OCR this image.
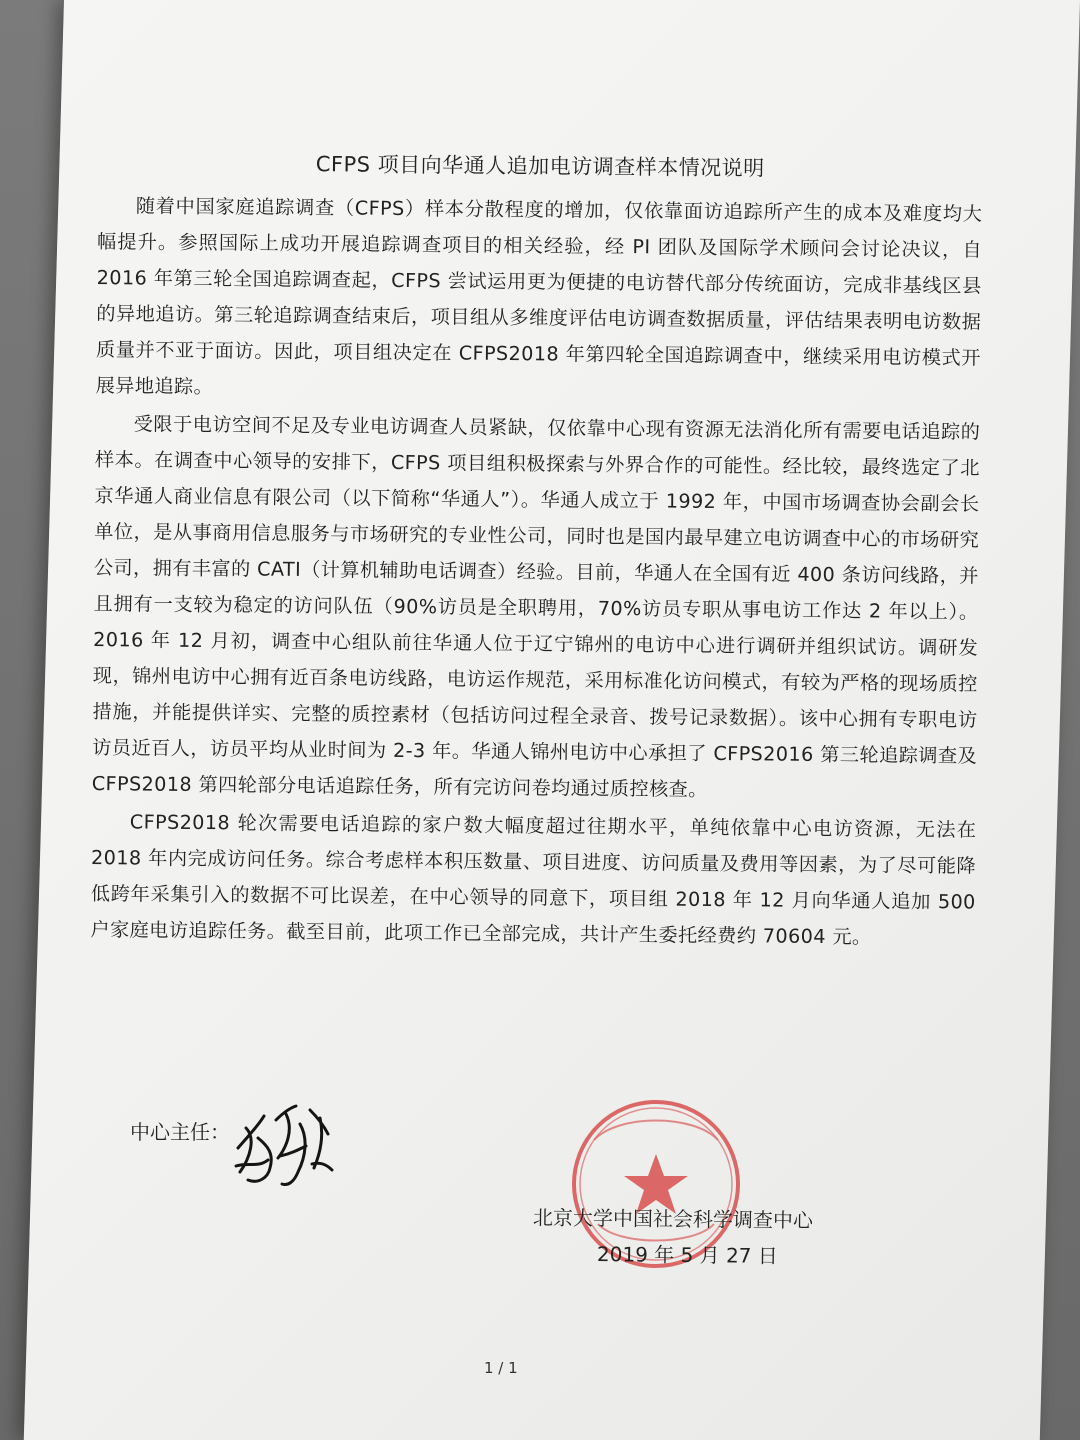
CFPS 项目向华通人追加电访调查样本情况说明

随着中国家庭追踪调查（CFPS）样本分散程度的增加，仅依靠面访追踪所产生的成本及难度均大幅提升。参照国际上成功开展追踪调查项目的相关经验，经 PI 团队及国际学术顾问会讨论决议，自 2016 年第三轮全国追踪调查起，CFPS 尝试运用更为便捷的电访替代部分传统面访，完成非基线区县的异地追访。第三轮追踪调查结束后，项目组从多维度评估电访调查数据质量，评估结果表明电访数据质量并不亚于面访。因此，项目组决定在 CFPS2018 年第四轮全国追踪调查中，继续采用电访模式开展异地追踪。

受限于电访空间不足及专业电访调查人员紧缺，仅依靠中心现有资源无法消化所有需要电话追踪的样本。在调查中心领导的安排下，CFPS 项目组积极探索与外界合作的可能性。经比较，最终选定了北京华通人商业信息有限公司（以下简称“华通人”）。华通人成立于 1992 年，中国市场调查协会副会长单位，是从事商用信息服务与市场研究的专业性公司，同时也是国内最早建立电访调查中心的市场研究公司，拥有丰富的 CATI（计算机辅助电话调查）经验。目前，华通人在全国有近 400 条访问线路，并且拥有一支较为稳定的访问队伍（90%访员是全职聘用，70%访员专职从事电访工作达 2 年以上）。2016 年 12 月初，调查中心组队前往华通人位于辽宁锦州的电访中心进行调研并组织试访。调研发现，锦州电访中心拥有近百条电访线路，电访运作规范，采用标准化访问模式，有较为严格的现场质控措施，并能提供详实、完整的质控素材（包括访问过程全录音、拨号记录数据）。该中心拥有专职电访访员近百人，访员平均从业时间为 2-3 年。华通人锦州电访中心承担了 CFPS2016 第三轮追踪调查及 CFPS2018 第四轮部分电话追踪任务，所有完访问卷均通过质控核查。

CFPS2018 轮次需要电话追踪的家户数大幅度超过往期水平，单纯依靠中心电访资源，无法在 2018 年内完成访问任务。综合考虑样本积压数量、项目进度、访问质量及费用等因素，为了尽可能降低跨年采集引入的数据不可比误差，在中心领导的同意下，项目组 2018 年 12 月向华通人追加 500 户家庭电访追踪任务。截至目前，此项工作已全部完成，共计产生委托经费约 70604 元。

中心主任：
北京大学中国社会科学调查中心
2019 年 5 月 27 日
1 / 1
